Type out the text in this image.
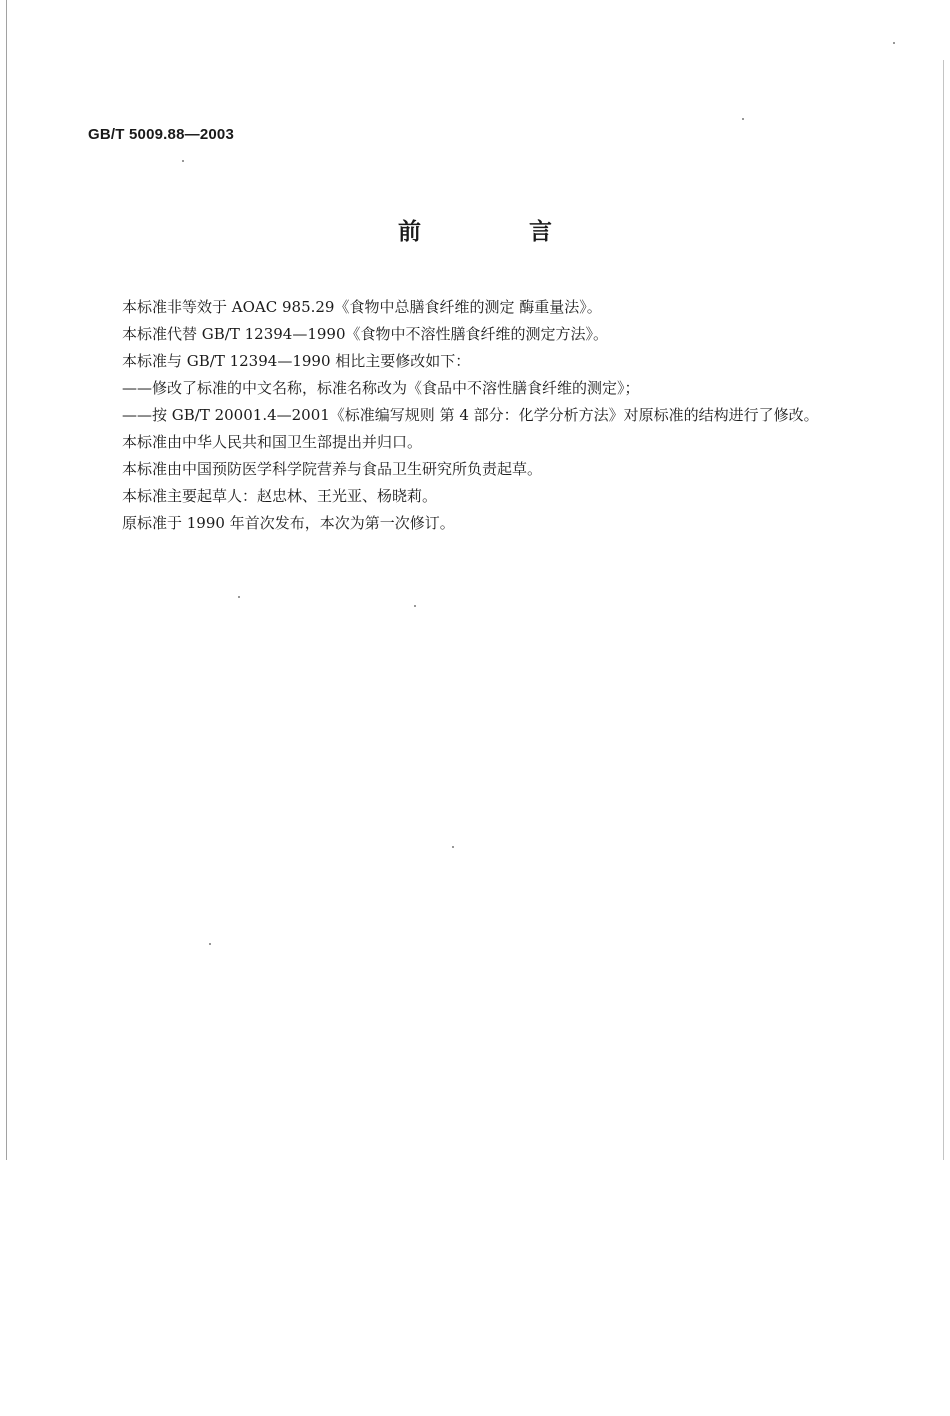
GB/T 5009.88—2003
前 言

本标准非等效于 AOAC 985.29《食物中总膳食纤维的测定 酶重量法》。

本标准代替 GB/T 12394—1990《食物中不溶性膳食纤维的测定方法》。

本标准与 GB/T 12394—1990 相比主要修改如下：

——修改了标准的中文名称，标准名称改为《食品中不溶性膳食纤维的测定》；

——按 GB/T 20001.4—2001《标准编写规则 第 4 部分：化学分析方法》对原标准的结构进行了修改。

本标准由中华人民共和国卫生部提出并归口。

本标准由中国预防医学科学院营养与食品卫生研究所负责起草。

本标准主要起草人：赵忠林、王光亚、杨晓莉。

原标准于 1990 年首次发布，本次为第一次修订。
